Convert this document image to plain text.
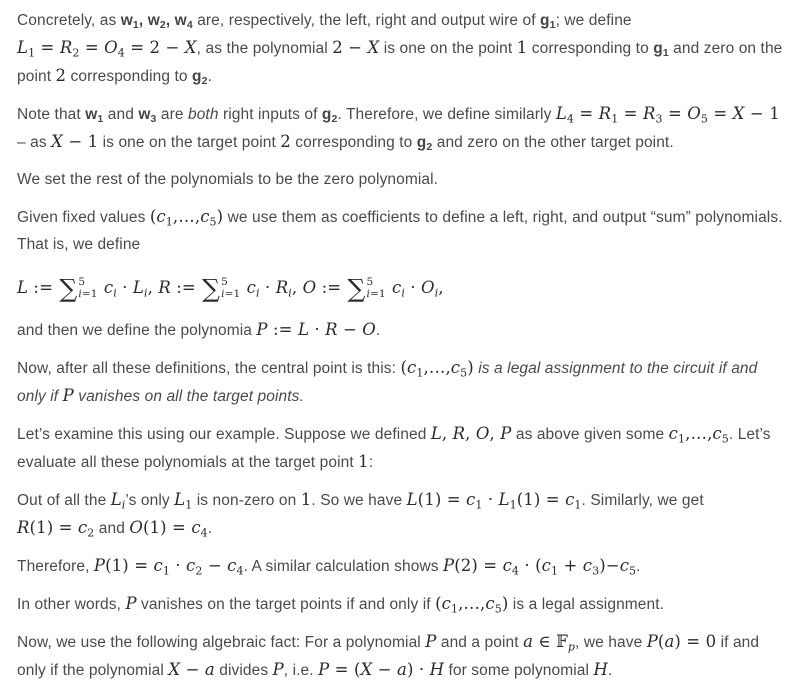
Concretely, as $w_1$, $w_2$, $w_4$ are, respectively, the left, right and output wire of $g_1$; we define $L_1 = R_2 = O_4 = 2 - X$, as the polynomial 2 − X is one on the point 1 corresponding to $g_1$ and zero on the point 2 corresponding to $g_2$.

Note that $w_1$ and $w_3$ are both right inputs of $g_2$. Therefore, we define similarly $L_4 = R_1 = R_3 = O_5 = X - 1$ – as X − 1 is one on the target point 2 corresponding to $g_2$ and zero on the other target point.

We set the rest of the polynomials to be the zero polynomial.

Given fixed values $(c_1,\dots,c_5)$ we use them as coefficients to define a left, right, and output “sum” polynomials. That is, we define

L := ∑ 5
i=1 $c_i \cdot L_i$, R := ∑ 5
i=1 $c_i \cdot R_i$, O := ∑ 5
i=1 $c_i \cdot O_i$,

and then we define the polynomia P := L · R − O.

Now, after all these definitions, the central point is this: $(c_1,\dots,c_5)$ is a legal assignment to the circuit if and only if P vanishes on all the target points.

Let’s examine this using our example. Suppose we defined L, R, O, P as above given some $c_1,\dots,c_5$. Let’s evaluate all these polynomials at the target point 1:

Out of all the $L_i’s$ only $L_1$ is non-zero on 1. So we have $L(1) = c_1 \cdot L_1(1) = c_1$. Similarly, we get $R(1) = c_2$ and $O(1) = c_4$.

Therefore, $P(1) = c_1 \cdot c_2 - c_4$. A similar calculation shows $P(2) = c_4 \cdot (c_1 + c_3)-c_5$.

In other words, P vanishes on the target points if and only if $(c_1,\dots,c_5)$ is a legal assignment.

Now, we use the following algebraic fact: For a polynomial P and a point a ∈ 𝔽$_p$, we have P(a) = 0 if and only if the polynomial X − a divides P, i.e. P = (X − a) · H for some polynomial H.
